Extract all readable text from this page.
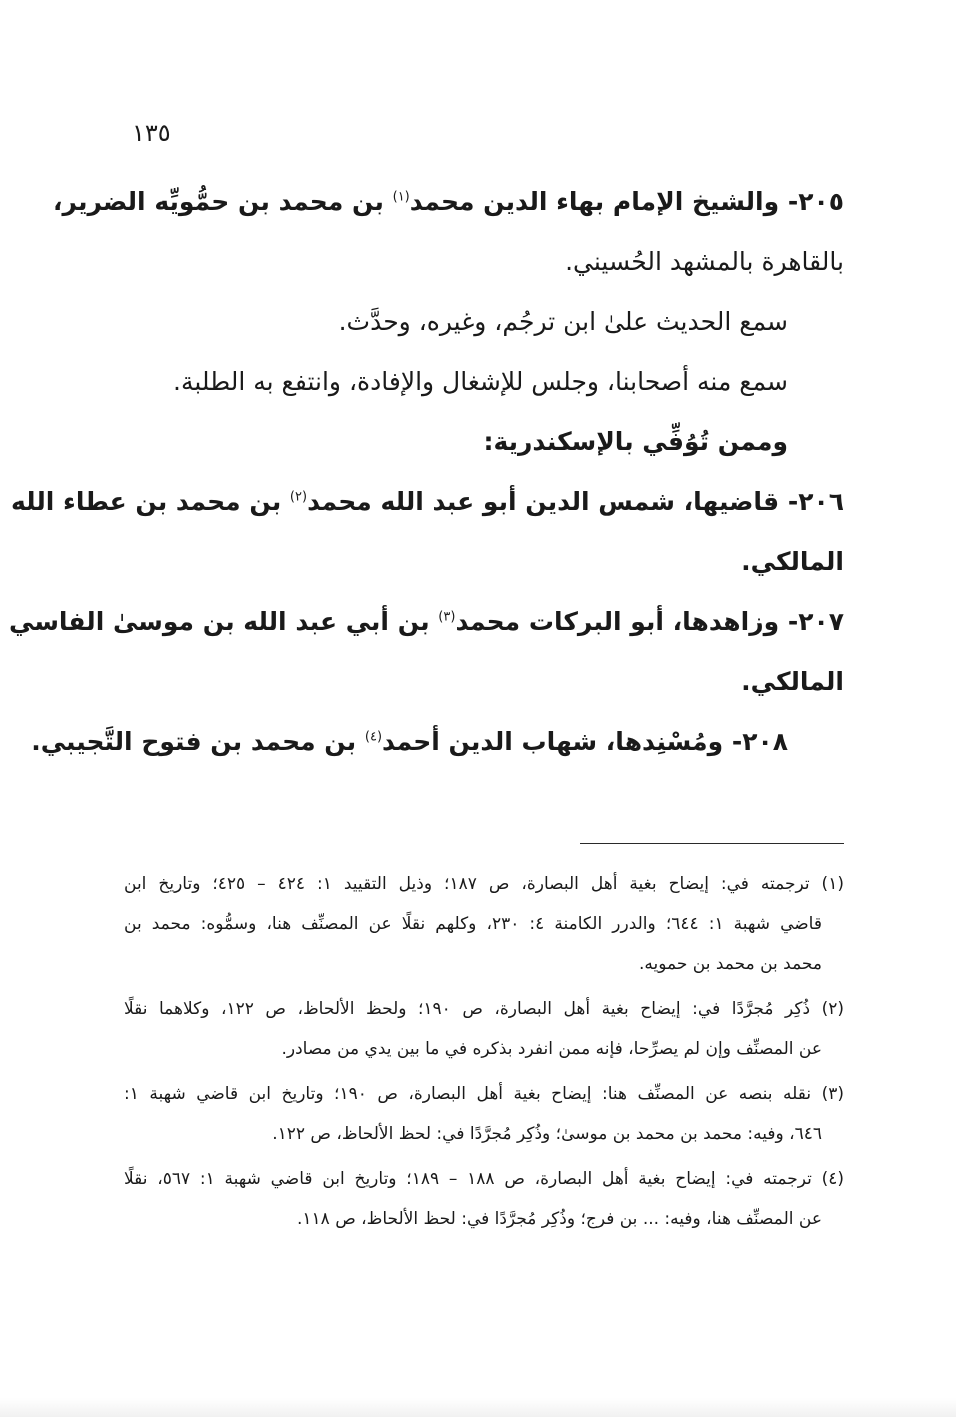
١٣٥
٢٠٥- والشيخ الإمام بهاء الدين محمد$^{(١)}$ بن محمد بن حمُّويِّه الضرير،
بالقاهرة بالمشهد الحُسيني.
سمع الحديث علىٰ ابن ترجُم، وغيره، وحدَّث.
سمع منه أصحابنا، وجلس للإشغال والإفادة، وانتفع به الطلبة.
وممن تُوُفِّي بالإسكندرية:
٢٠٦- قاضيها، شمس الدين أبو عبد الله محمد$^{(٢)}$ بن محمد بن عطاء الله
المالكي.
٢٠٧- وزاهدها، أبو البركات محمد$^{(٣)}$ بن أبي عبد الله بن موسىٰ الفاسي
المالكي.
٢٠٨- ومُسْنِدها، شهاب الدين أحمد$^{(٤)}$ بن محمد بن فتوح التَّجيبي.
(١) ترجمته في: إيضاح بغية أهل البصارة، ص ١٨٧؛ وذيل التقييد ١: ٤٢٤ – ٤٢٥؛ وتاريخ ابن
قاضي شهبة ١: ٦٤٤؛ والدرر الكامنة ٤: ٢٣٠، وكلهم نقلًا عن المصنِّف هنا، وسمُّوه: محمد بن
محمد بن محمد بن حمويه.
(٢) ذُكِر مُجرَّدًا في: إيضاح بغية أهل البصارة، ص ١٩٠؛ ولحظ الألحاظ، ص ١٢٢، وكلاهما نقلًا
عن المصنِّف وإن لم يصرِّحا، فإنه ممن انفرد بذكره في ما بين يدي من مصادر.
(٣) نقله بنصه عن المصنِّف هنا: إيضاح بغية أهل البصارة، ص ١٩٠؛ وتاريخ ابن قاضي شهبة ١:
٦٤٦، وفيه: محمد بن محمد بن موسىٰ؛ وذُكِر مُجرَّدًا في: لحظ الألحاظ، ص ١٢٢.
(٤) ترجمته في: إيضاح بغية أهل البصارة، ص ١٨٨ – ١٨٩؛ وتاريخ ابن قاضي شهبة ١: ٥٦٧، نقلًا
عن المصنِّف هنا، وفيه: ... بن فرج؛ وذُكِر مُجرَّدًا في: لحظ الألحاظ، ص ١١٨.
